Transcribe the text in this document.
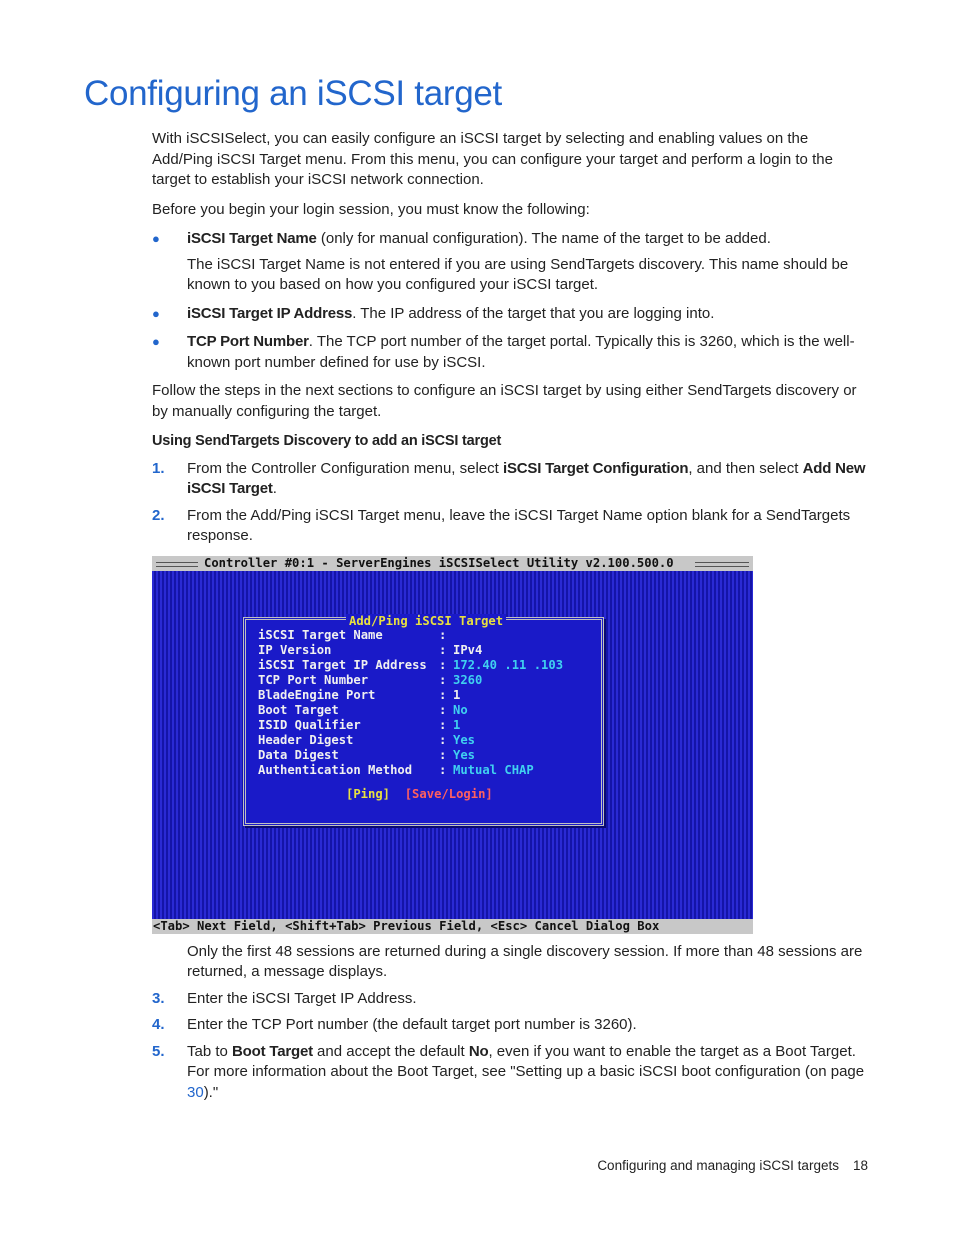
Configuring an iSCSI target

With iSCSISelect, you can easily configure an iSCSI target by selecting and enabling values on the Add/Ping iSCSI Target menu. From this menu, you can configure your target and perform a login to the target to establish your iSCSI network connection.

Before you begin your login session, you must know the following:

● iSCSI Target Name (only for manual configuration). The name of the target to be added.

The iSCSI Target Name is not entered if you are using SendTargets discovery. This name should be known to you based on how you configured your iSCSI target.

● iSCSI Target IP Address. The IP address of the target that you are logging into.

● TCP Port Number. The TCP port number of the target portal. Typically this is 3260, which is the well-known port number defined for use by iSCSI.

Follow the steps in the next sections to configure an iSCSI target by using either SendTargets discovery or by manually configuring the target.

Using SendTargets Discovery to add an iSCSI target

1. From the Controller Configuration menu, select iSCSI Target Configuration, and then select Add New iSCSI Target.

2. From the Add/Ping iSCSI Target menu, leave the iSCSI Target Name option blank for a SendTargets response.

Controller #0:1 - ServerEngines iSCSISelect Utility v2.100.500.0
Add/Ping iSCSI Target
iSCSI Target Name	:
IP Version	: IPv4
iSCSI Target IP Address : 172.40 .11 .103
TCP Port Number	: 3260
BladeEngine Port	: 1
Boot Target	: No
ISID Qualifier	: 1
Header Digest	: Yes
Data Digest	: Yes
Authentication Method : Mutual CHAP
[Ping] [Save/Login]
<Tab> Next Field, <Shift+Tab> Previous Field, <Esc> Cancel Dialog Box

Only the first 48 sessions are returned during a single discovery session. If more than 48 sessions are returned, a message displays.

3. Enter the iSCSI Target IP Address.

4. Enter the TCP Port number (the default target port number is 3260).

5. Tab to Boot Target and accept the default No, even if you want to enable the target as a Boot Target. For more information about the Boot Target, see "Setting up a basic iSCSI boot configuration (on page 30)."

Configuring and managing iSCSI targets 18
